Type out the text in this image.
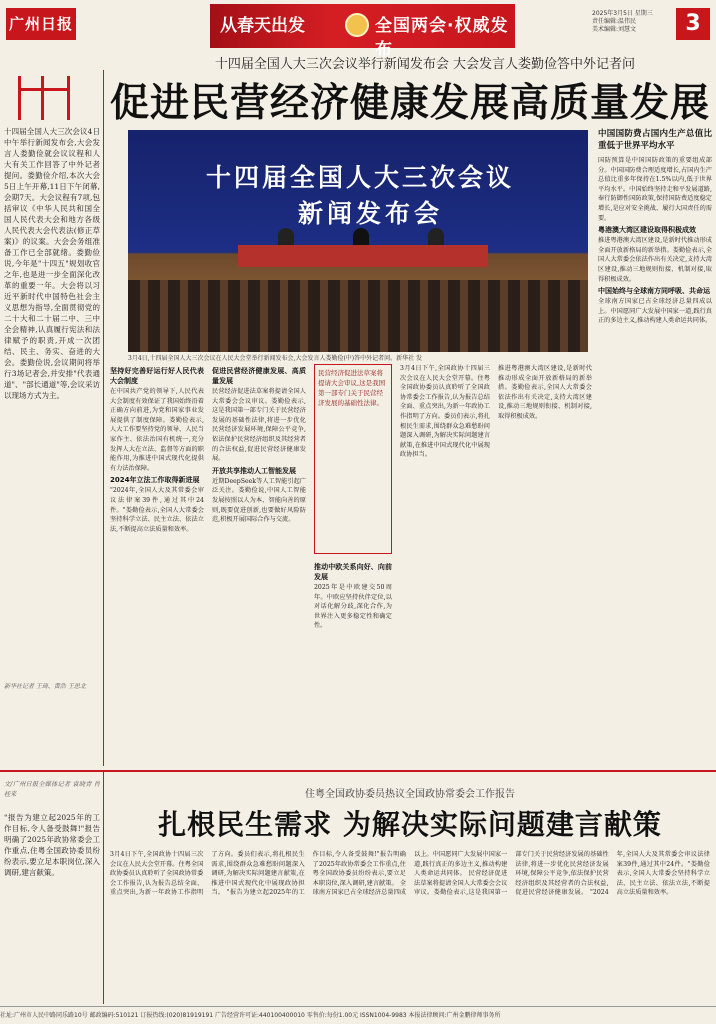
广州日报	从春天出发	全国两会·权威发布
2025年3月5日 星期三
责任编辑:温伟民
美术编辑:刘慧文	3
十四届全国人大三次会议举行新闻发布会 大会发言人娄勤俭答中外记者问
促进民营经济健康发展高质量发展
十四届全国人大三次会议4日中午举行新闻发布会,大会发言人娄勤俭就会议议程和人大有关工作回答了中外记者提问。娄勤俭介绍,本次大会5日上午开幕,11日下午闭幕,会期7天。大会议程有7项,包括审议《中华人民共和国全国人民代表大会和地方各级人民代表大会代表法(修正草案)》的议案。大会会务组准备工作已全部就绪。娄勤俭说,今年是"十四五"规划收官之年,也是进一步全面深化改革的重要一年。大会将以习近平新时代中国特色社会主义思想为指导,全面贯彻党的二十大和二十届二中、三中全会精神,认真履行宪法和法律赋予的职责,开成一次团结、民主、务实、奋进的大会。娄勤俭说,会议期间将举行3场记者会,并安排"代表通道"、"部长通道"等,会议采访以现场方式为主。
新华社记者 王琦、黄浩 王思北
十四届全国人大三次会议
新闻发布会
3月4日,十四届全国人大三次会议在人民大会堂举行新闻发布会,大会发言人娄勤俭(中)答中外记者问。新华社 发
坚持好完善好运行好人民代表大会制度
在中国共产党的领导下,人民代表大会制度有效保证了我国始终沿着正确方向前进,为党和国家事业发展提供了制度保障。娄勤俭表示,人大工作要坚持党的领导、人民当家作主、依法治国有机统一,充分发挥人大在立法、监督等方面的职能作用,为推进中国式现代化提供有力法治保障。
2024年立法工作取得新进展
"2024年,全国人大及其常委会审议法律案39件,通过其中24件。"娄勤俭表示,全国人大常委会坚持科学立法、民主立法、依法立法,不断提高立法质量和效率。
促进民营经济健康发展、高质量发展
民营经济促进法草案将提请全国人大常委会会议审议。娄勤俭表示,这是我国第一部专门关于民营经济发展的基础性法律,将进一步优化民营经济发展环境,保障公平竞争,依法保护民营经济组织及其经营者的合法权益,促进民营经济健康发展。
开放共享推动人工智能发展
近期DeepSeek等人工智能引起广泛关注。娄勤俭说,中国人工智能发展按照以人为本、智能向善的原则,既要促进创新,也要做好风险防范,积极开展国际合作与交流。
民营经济促进法草案将提请大会审议,这是我国第一部专门关于民营经济发展的基础性法律。
推动中欧关系向好、向前发展
2025年是中欧建交50周年。中欧应坚持伙伴定位,以对话化解分歧,深化合作,为世界注入更多稳定性和确定性。
3月4日下午,全国政协十四届三次会议在人民大会堂开幕。住粤全国政协委员认真聆听了全国政协常委会工作报告,认为报告总结全面、重点突出,为新一年政协工作指明了方向。委员们表示,将扎根民生需求,围绕群众急难愁盼问题深入调研,为解决实际问题建言献策,在推进中国式现代化中展现政协担当。
推进粤港澳大湾区建设,是新时代推动形成全面开放新格局的新举措。娄勤俭表示,全国人大常委会依法作出有关决定,支持大湾区建设,推动三地规则衔接、机制对接,取得积极成效。
中国国防费占国内生产总值比重低于世界平均水平
国防预算是中国国防政策的重要组成部分。中国国防费合理适度增长,占国内生产总值比重多年保持在1.5%以内,低于世界平均水平。中国始终坚持走和平发展道路,奉行防御性国防政策,保持国防费适度稳定增长,是应对安全挑战、履行大国责任的需要。
粤港澳大湾区建设取得积极成效
推进粤港澳大湾区建设,是新时代推动形成全面开放新格局的新举措。娄勤俭表示,全国人大常委会依法作出有关决定,支持大湾区建设,推动三地规则衔接、机制对接,取得积极成效。
中国始终与全球南方同呼吸、共命运
全球南方国家已占全球经济总量四成以上。中国愿同广大发展中国家一道,践行真正的多边主义,推动构建人类命运共同体。
文/广州日报全媒体记者 袁晓青 肖桂来
"报告为建立起2025年的工作目标,令人备受鼓舞!"报告明确了2025年政协常委会工作重点,住粤全国政协委员纷纷表示,要立足本职岗位,深入调研,建言献策。
住粤全国政协委员热议全国政协常委会工作报告
扎根民生需求 为解决实际问题建言献策
3月4日下午,全国政协十四届三次会议在人民大会堂开幕。住粤全国政协委员认真聆听了全国政协常委会工作报告,认为报告总结全面、重点突出,为新一年政协工作指明了方向。委员们表示,将扎根民生需求,围绕群众急难愁盼问题深入调研,为解决实际问题建言献策,在推进中国式现代化中展现政协担当。 "报告为建立起2025年的工作目标,令人备受鼓舞!"报告明确了2025年政协常委会工作重点,住粤全国政协委员纷纷表示,要立足本职岗位,深入调研,建言献策。 全球南方国家已占全球经济总量四成以上。中国愿同广大发展中国家一道,践行真正的多边主义,推动构建人类命运共同体。 民营经济促进法草案将提请全国人大常委会会议审议。娄勤俭表示,这是我国第一部专门关于民营经济发展的基础性法律,将进一步优化民营经济发展环境,保障公平竞争,依法保护民营经济组织及其经营者的合法权益,促进民营经济健康发展。 "2024年,全国人大及其常委会审议法律案39件,通过其中24件。"娄勤俭表示,全国人大常委会坚持科学立法、民主立法、依法立法,不断提高立法质量和效率。
社址:广州市人民中路同乐路10号 邮政编码:510121 订报热线:(020)81919191 广告经营许可证:440100400010 零售价:每份1.00元 ISSN1004-9983 本报法律顾问:广州金鹏律师事务所
